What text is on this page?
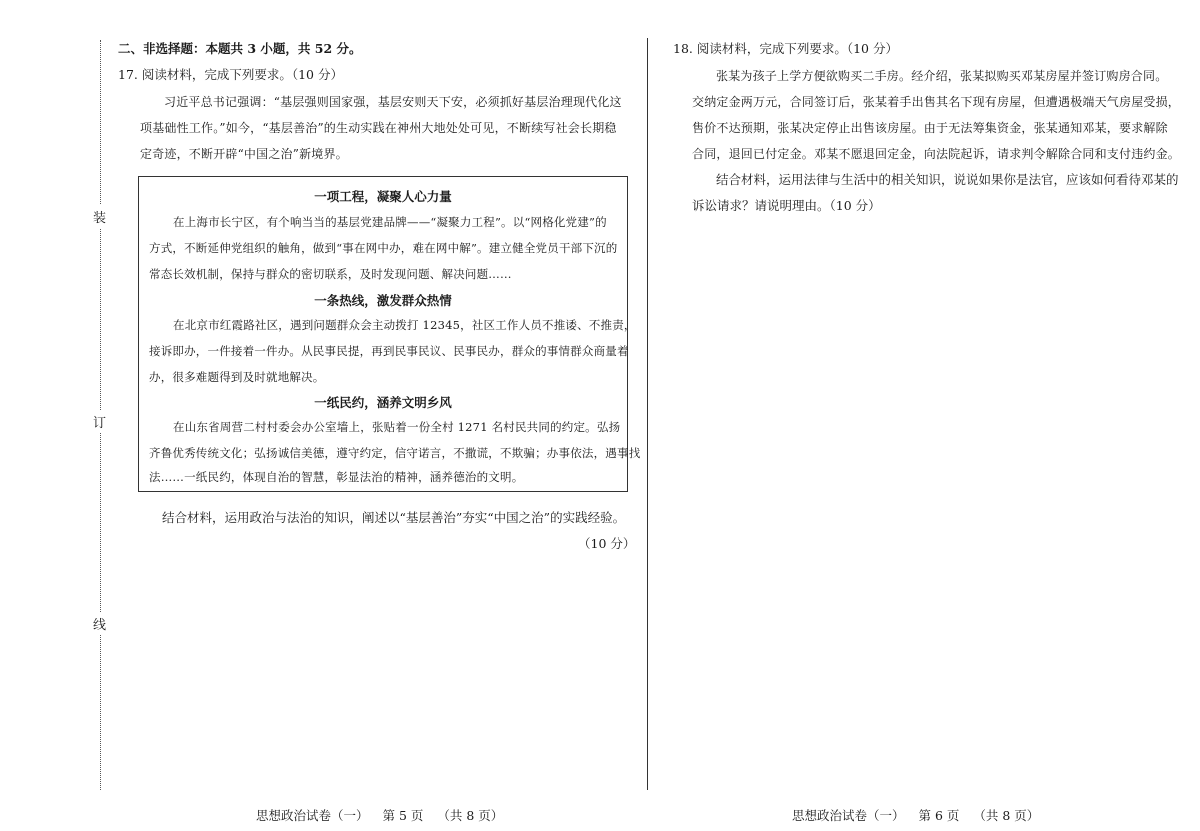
装
订
线
二、非选择题：本题共 3 小题，共 52 分。
17. 阅读材料，完成下列要求。（10 分）
习近平总书记强调：“基层强则国家强，基层安则天下安，必须抓好基层治理现代化这
项基础性工作。”如今，“基层善治”的生动实践在神州大地处处可见，不断续写社会长期稳
定奇迹，不断开辟“中国之治”新境界。
一项工程，凝聚人心力量
在上海市长宁区，有个响当当的基层党建品牌——“凝聚力工程”。以“网格化党建”的
方式，不断延伸党组织的触角，做到“事在网中办，难在网中解”。建立健全党员干部下沉的
常态长效机制，保持与群众的密切联系，及时发现问题、解决问题……
一条热线，激发群众热情
在北京市红霞路社区，遇到问题群众会主动拨打 12345，社区工作人员不推诿、不推责，
接诉即办，一件接着一件办。从民事民提，再到民事民议、民事民办，群众的事情群众商量着
办，很多难题得到及时就地解决。
一纸民约，涵养文明乡风
在山东省周营二村村委会办公室墙上，张贴着一份全村 1271 名村民共同的约定。弘扬
齐鲁优秀传统文化；弘扬诚信美德，遵守约定，信守诺言，不撒谎，不欺骗；办事依法，遇事找
法……一纸民约，体现自治的智慧，彰显法治的精神，涵养德治的文明。
结合材料，运用政治与法治的知识，阐述以“基层善治”夯实“中国之治”的实践经验。
（10 分）
思想政治试卷（一） 第 5 页 （共 8 页）
18. 阅读材料，完成下列要求。（10 分）
张某为孩子上学方便欲购买二手房。经介绍，张某拟购买邓某房屋并签订购房合同。
交纳定金两万元，合同签订后，张某着手出售其名下现有房屋，但遭遇极端天气房屋受损，
售价不达预期，张某决定停止出售该房屋。由于无法筹集资金，张某通知邓某，要求解除
合同，退回已付定金。邓某不愿退回定金，向法院起诉，请求判令解除合同和支付违约金。
结合材料，运用法律与生活中的相关知识，说说如果你是法官，应该如何看待邓某的
诉讼请求？请说明理由。（10 分）
思想政治试卷（一） 第 6 页 （共 8 页）
